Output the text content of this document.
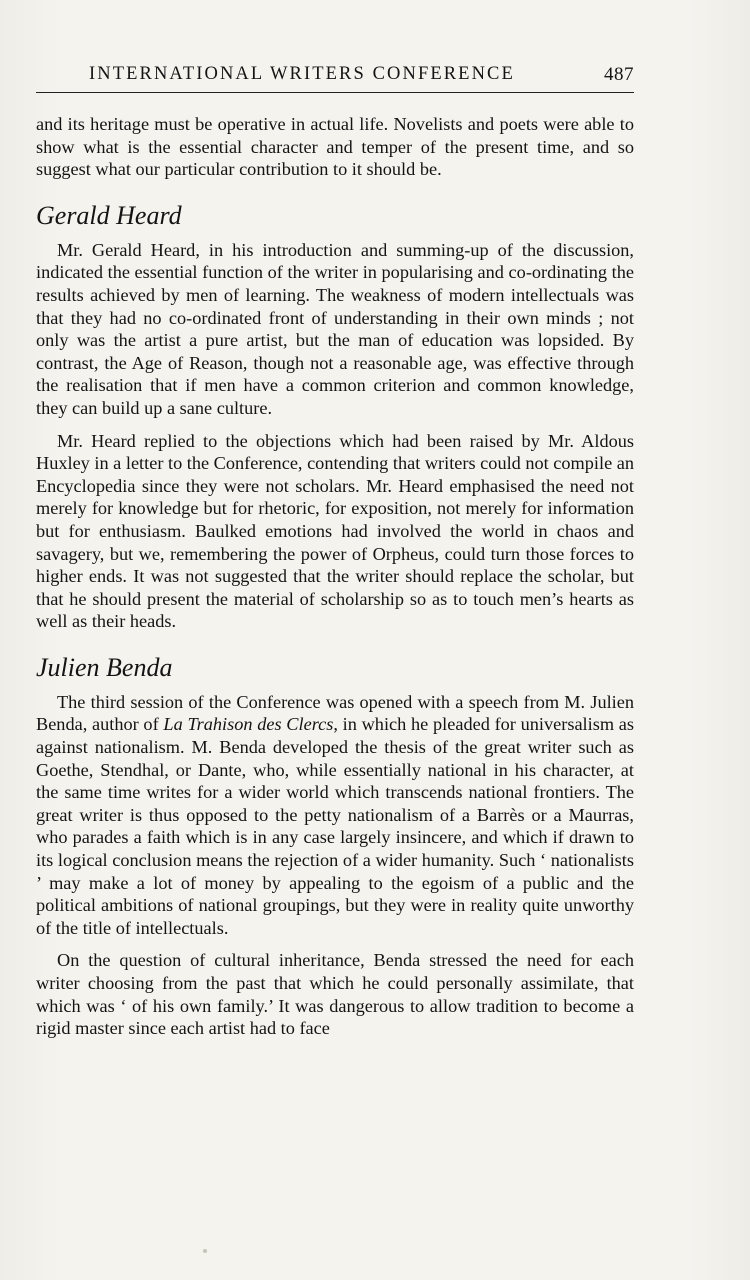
INTERNATIONAL WRITERS CONFERENCE	487

and its heritage must be operative in actual life. Novelists and poets were able to show what is the essential character and temper of the present time, and so suggest what our particular contribution to it should be.

Gerald Heard

Mr. Gerald Heard, in his introduction and summing-up of the discussion, indicated the essential function of the writer in popularising and co-ordinating the results achieved by men of learning. The weakness of modern intellectuals was that they had no co-ordinated front of understanding in their own minds ; not only was the artist a pure artist, but the man of education was lopsided. By contrast, the Age of Reason, though not a reasonable age, was effective through the realisation that if men have a common criterion and common knowledge, they can build up a sane culture.

Mr. Heard replied to the objections which had been raised by Mr. Aldous Huxley in a letter to the Conference, contending that writers could not compile an Encyclopedia since they were not scholars. Mr. Heard emphasised the need not merely for knowledge but for rhetoric, for exposition, not merely for information but for enthusiasm. Baulked emotions had involved the world in chaos and savagery, but we, remembering the power of Orpheus, could turn those forces to higher ends. It was not suggested that the writer should replace the scholar, but that he should present the material of scholarship so as to touch men’s hearts as well as their heads.

Julien Benda

The third session of the Conference was opened with a speech from M. Julien Benda, author of La Trahison des Clercs, in which he pleaded for universalism as against nationalism. M. Benda developed the thesis of the great writer such as Goethe, Stendhal, or Dante, who, while essentially national in his character, at the same time writes for a wider world which transcends national frontiers. The great writer is thus opposed to the petty nationalism of a Barrès or a Maurras, who parades a faith which is in any case largely insincere, and which if drawn to its logical conclusion means the rejection of a wider humanity. Such ‘ nationalists ’ may make a lot of money by appealing to the egoism of a public and the political ambitions of national groupings, but they were in reality quite unworthy of the title of intellectuals.

On the question of cultural inheritance, Benda stressed the need for each writer choosing from the past that which he could personally assimilate, that which was ‘ of his own family.’ It was dangerous to allow tradition to become a rigid master since each artist had to face
